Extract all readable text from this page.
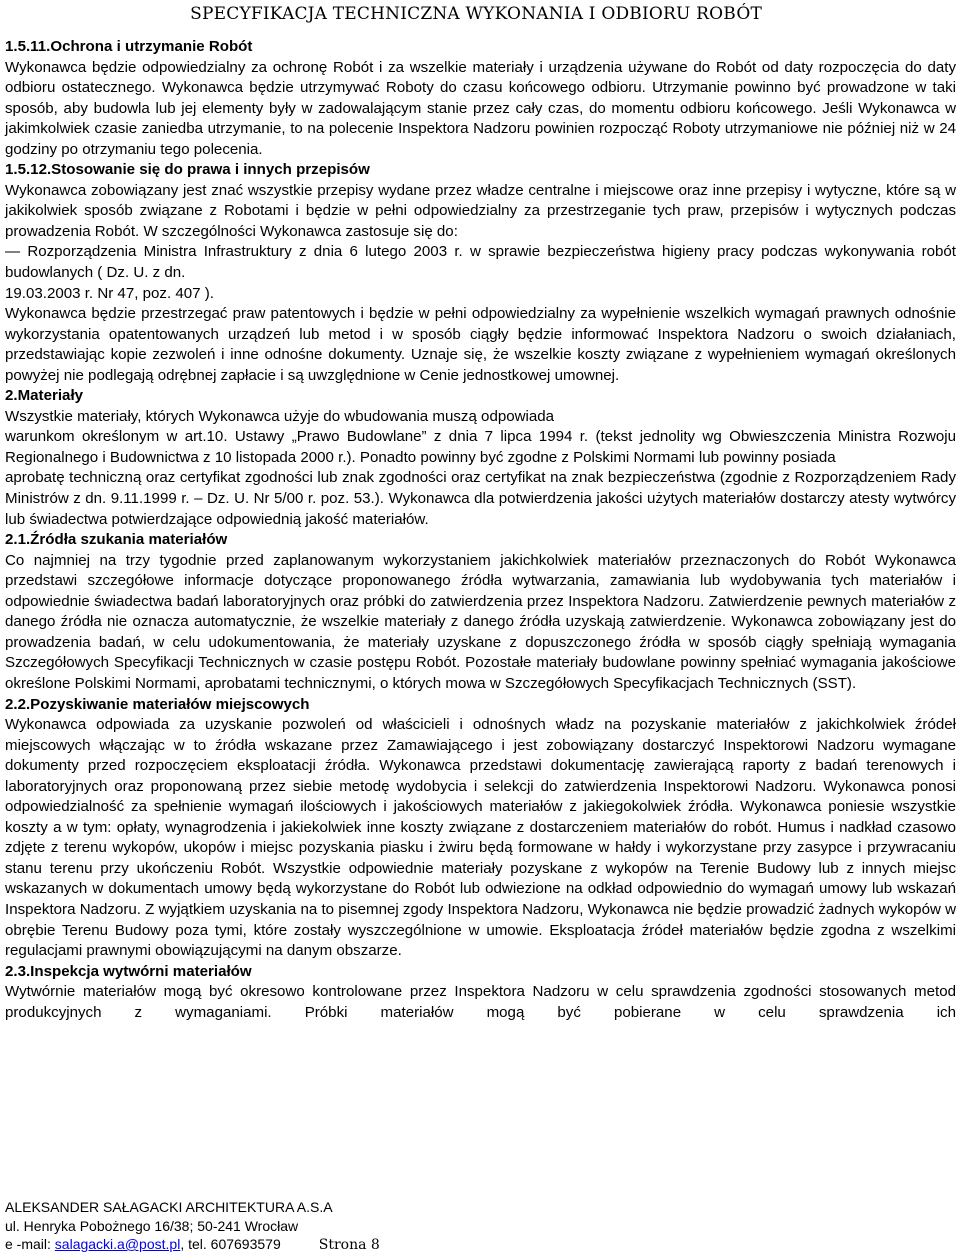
SPECYFIKACJA TECHNICZNA WYKONANIA I ODBIORU ROBÓT
1.5.11.Ochrona i utrzymanie Robót

Wykonawca będzie odpowiedzialny za ochronę Robót i za wszelkie materiały i urządzenia używane do Robót od daty rozpoczęcia do daty odbioru ostatecznego. Wykonawca będzie utrzymywać Roboty do czasu końcowego odbioru. Utrzymanie powinno być prowadzone w taki sposób, aby budowla lub jej elementy były w zadowalającym stanie przez cały czas, do momentu odbioru końcowego. Jeśli Wykonawca w jakimkolwiek czasie zaniedba utrzymanie, to na polecenie Inspektora Nadzoru powinien rozpocząć Roboty utrzymaniowe nie później niż w 24 godziny po otrzymaniu tego polecenia.

1.5.12.Stosowanie się do prawa i innych przepisów

Wykonawca zobowiązany jest znać wszystkie przepisy wydane przez władze centralne i miejscowe oraz inne przepisy i wytyczne, które są w jakikolwiek sposób związane z Robotami i będzie w pełni odpowiedzialny za przestrzeganie tych praw, przepisów i wytycznych podczas prowadzenia Robót. W szczególności Wykonawca zastosuje się do:

— Rozporządzenia Ministra Infrastruktury z dnia 6 lutego 2003 r. w sprawie bezpieczeństwa higieny pracy podczas wykonywania robót budowlanych ( Dz. U. z dn.

19.03.2003 r. Nr 47, poz. 407 ).

Wykonawca będzie przestrzegać praw patentowych i będzie w pełni odpowiedzialny za wypełnienie wszelkich wymagań prawnych odnośnie wykorzystania opatentowanych urządzeń lub metod i w sposób ciągły będzie informować Inspektora Nadzoru o swoich działaniach, przedstawiając kopie zezwoleń i inne odnośne dokumenty. Uznaje się, że wszelkie koszty związane z wypełnieniem wymagań określonych powyżej nie podlegają odrębnej zapłacie i są uwzględnione w Cenie jednostkowej umownej.

2.Materiały

Wszystkie materiały, których Wykonawca użyje do wbudowania muszą odpowiada

warunkom określonym w art.10. Ustawy „Prawo Budowlane” z dnia 7 lipca 1994 r. (tekst jednolity wg Obwieszczenia Ministra Rozwoju Regionalnego i Budownictwa z 10 listopada 2000 r.). Ponadto powinny być zgodne z Polskimi Normami lub powinny posiada

aprobatę techniczną oraz certyfikat zgodności lub znak zgodności oraz certyfikat na znak bezpieczeństwa (zgodnie z Rozporządzeniem Rady Ministrów z dn. 9.11.1999 r. – Dz. U. Nr 5/00 r. poz. 53.). Wykonawca dla potwierdzenia jakości użytych materiałów dostarczy atesty wytwórcy lub świadectwa potwierdzające odpowiednią jakość materiałów.

2.1.Źródła szukania materiałów

Co najmniej na trzy tygodnie przed zaplanowanym wykorzystaniem jakichkolwiek materiałów przeznaczonych do Robót Wykonawca przedstawi szczegółowe informacje dotyczące proponowanego źródła wytwarzania, zamawiania lub wydobywania tych materiałów i odpowiednie świadectwa badań laboratoryjnych oraz próbki do zatwierdzenia przez Inspektora Nadzoru. Zatwierdzenie pewnych materiałów z danego źródła nie oznacza automatycznie, że wszelkie materiały z danego źródła uzyskają zatwierdzenie. Wykonawca zobowiązany jest do prowadzenia badań, w celu udokumentowania, że materiały uzyskane z dopuszczonego źródła w sposób ciągły spełniają wymagania Szczegółowych Specyfikacji Technicznych w czasie postępu Robót. Pozostałe materiały budowlane powinny spełniać wymagania jakościowe określone Polskimi Normami, aprobatami technicznymi, o których mowa w Szczegółowych Specyfikacjach Technicznych (SST).

2.2.Pozyskiwanie materiałów miejscowych

Wykonawca odpowiada za uzyskanie pozwoleń od właścicieli i odnośnych władz na pozyskanie materiałów z jakichkolwiek źródeł miejscowych włączając w to źródła wskazane przez Zamawiającego i jest zobowiązany dostarczyć Inspektorowi Nadzoru wymagane dokumenty przed rozpoczęciem eksploatacji źródła. Wykonawca przedstawi dokumentację zawierającą raporty z badań terenowych i laboratoryjnych oraz proponowaną przez siebie metodę wydobycia i selekcji do zatwierdzenia Inspektorowi Nadzoru. Wykonawca ponosi odpowiedzialność za spełnienie wymagań ilościowych i jakościowych materiałów z jakiegokolwiek źródła. Wykonawca poniesie wszystkie koszty a w tym: opłaty, wynagrodzenia i jakiekolwiek inne koszty związane z dostarczeniem materiałów do robót. Humus i nadkład czasowo zdjęte z terenu wykopów, ukopów i miejsc pozyskania piasku i żwiru będą formowane w hałdy i wykorzystane przy zasypce i przywracaniu stanu terenu przy ukończeniu Robót. Wszystkie odpowiednie materiały pozyskane z wykopów na Terenie Budowy lub z innych miejsc wskazanych w dokumentach umowy będą wykorzystane do Robót lub odwiezione na odkład odpowiednio do wymagań umowy lub wskazań Inspektora Nadzoru. Z wyjątkiem uzyskania na to pisemnej zgody Inspektora Nadzoru, Wykonawca nie będzie prowadzić żadnych wykopów w obrębie Terenu Budowy poza tymi, które zostały wyszczególnione w umowie. Eksploatacja źródeł materiałów będzie zgodna z wszelkimi regulacjami prawnymi obowiązującymi na danym obszarze.

2.3.Inspekcja wytwórni materiałów

Wytwórnie materiałów mogą być okresowo kontrolowane przez Inspektora Nadzoru w celu sprawdzenia zgodności stosowanych metod produkcyjnych z wymaganiami. Próbki materiałów mogą być pobierane w celu sprawdzenia ich

ALEKSANDER SAŁAGACKI ARCHITEKTURA A.S.A
ul. Henryka Pobożnego 16/38; 50-241 Wrocław
e -mail: salagacki.a@post.pl, tel. 607693579	Strona 8
